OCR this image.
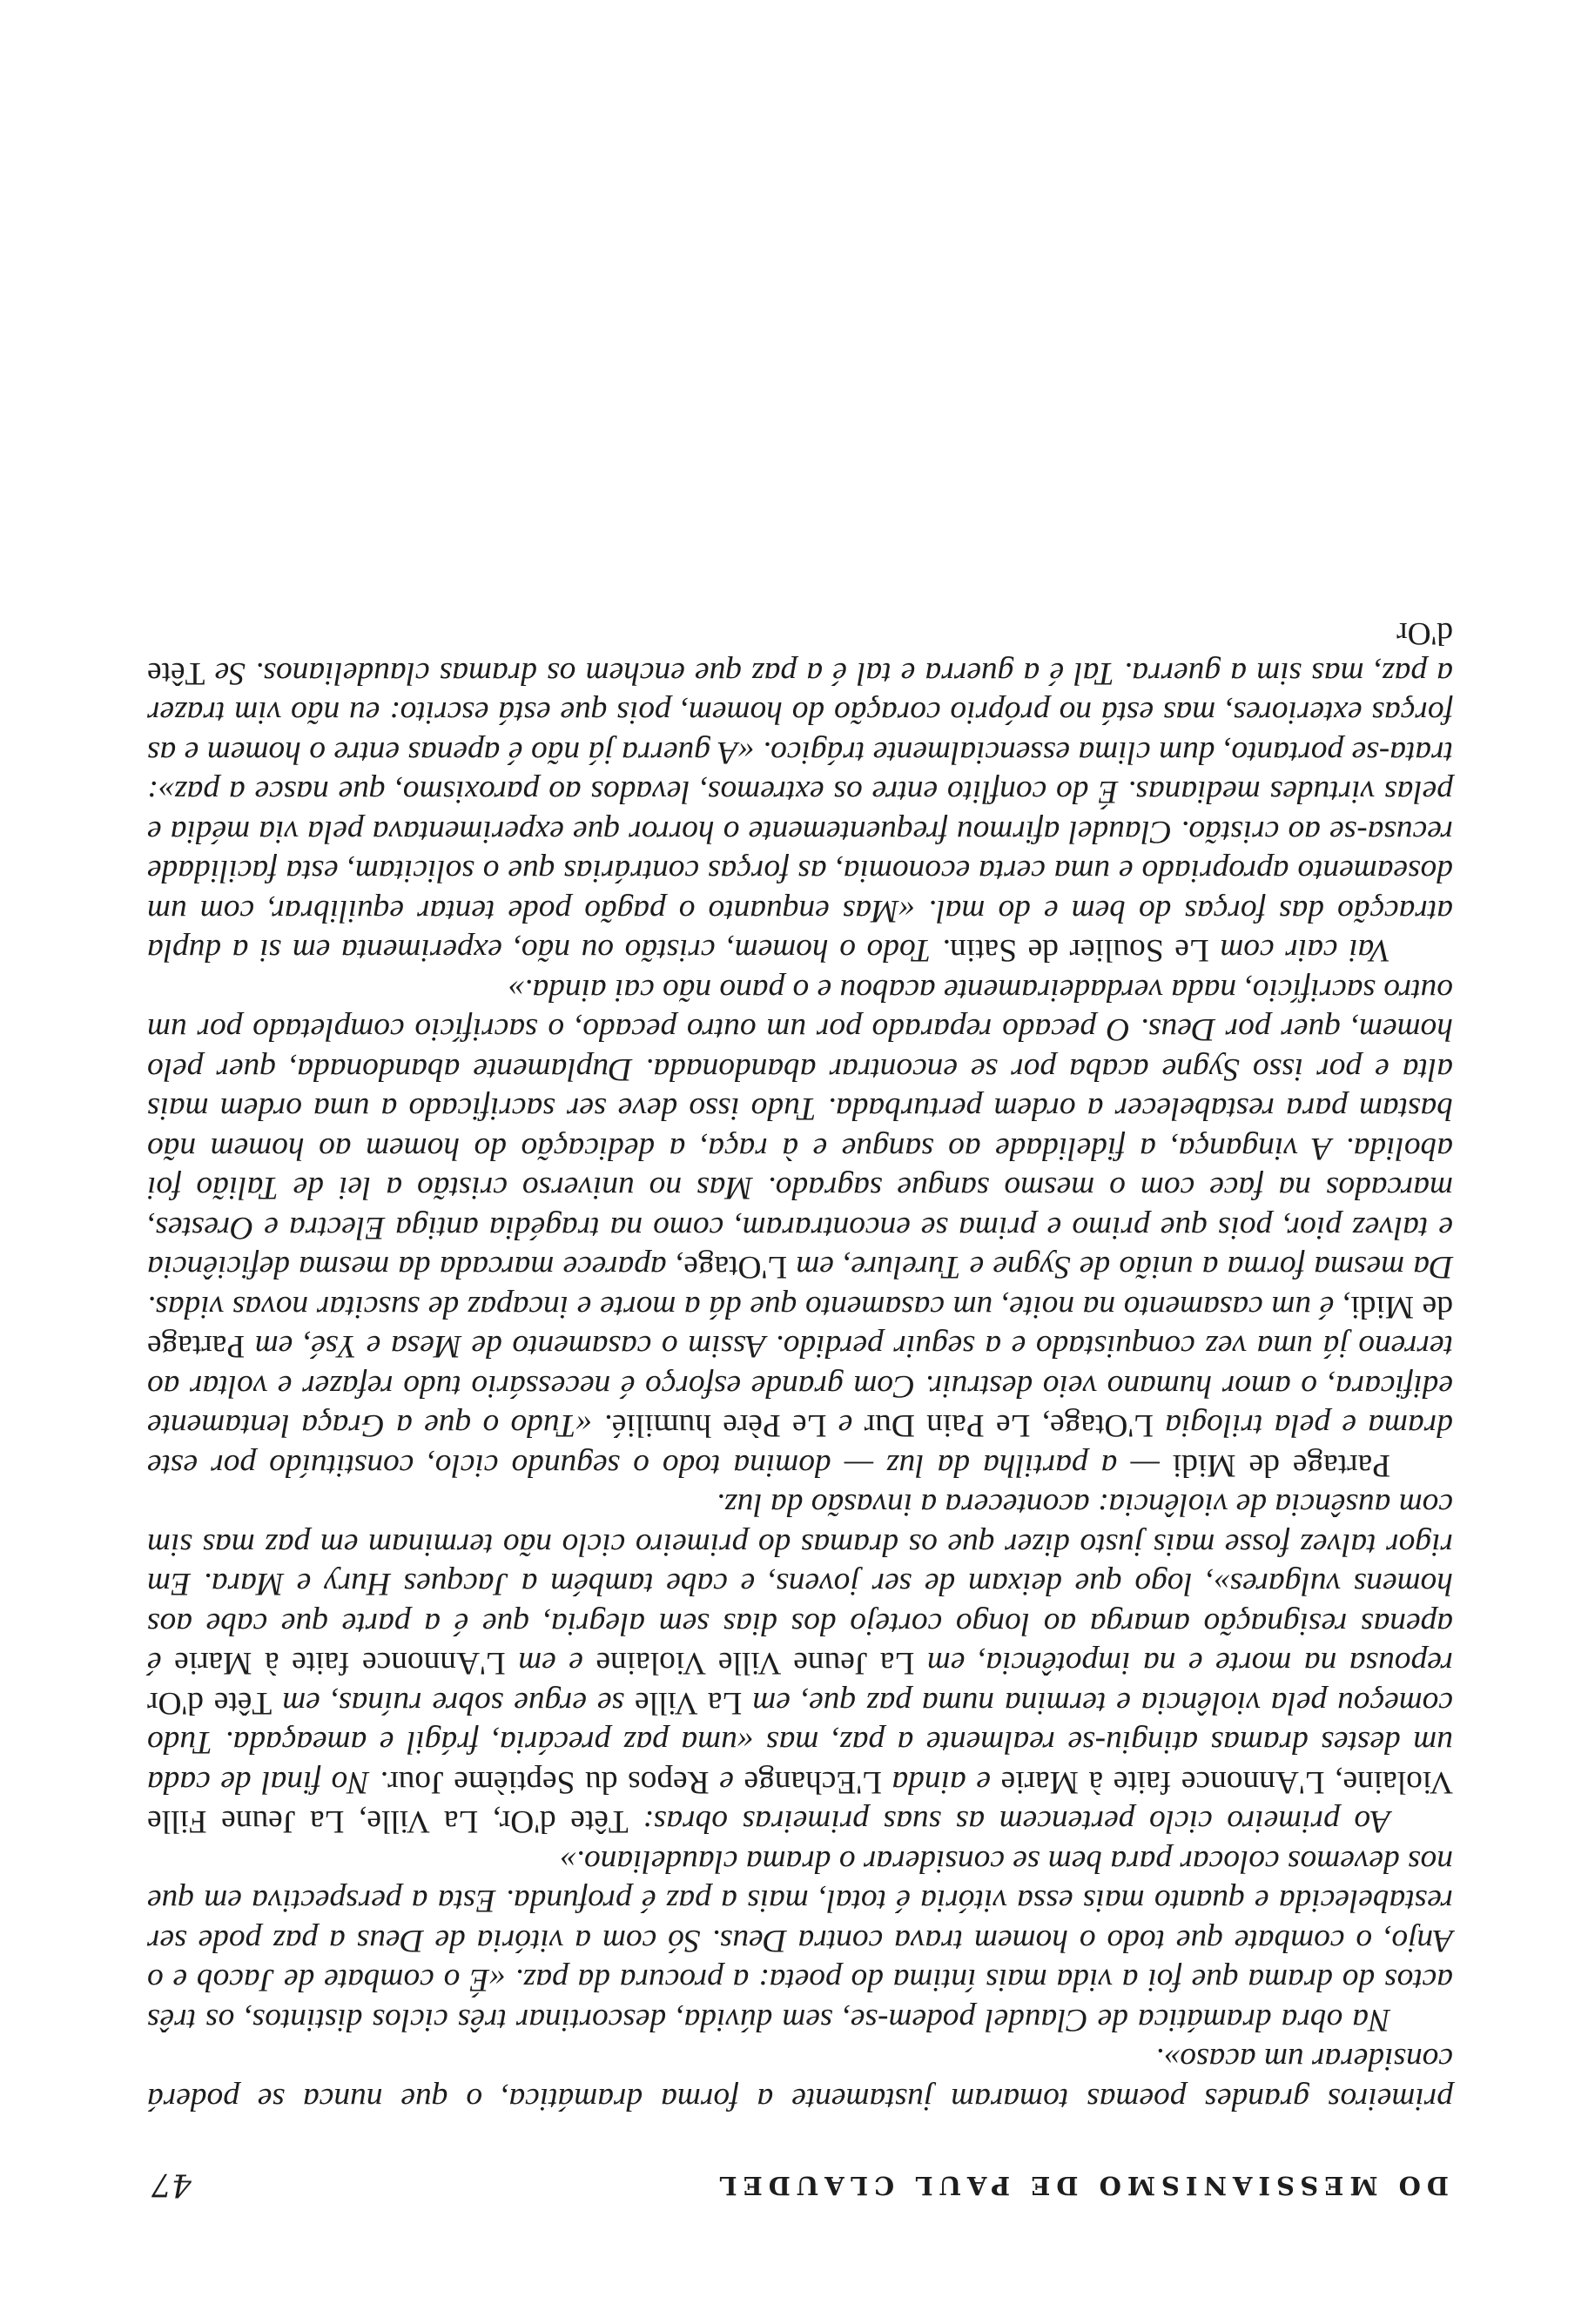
DO MESSIANISMO DE PAUL CLAUDEL
47

primeiros grandes poemas tomaram justamente a forma dramática, o que nunca se poderá considerar um acaso».

Na obra dramática de Claudel podem-se, sem dúvida, descortinar três ciclos distintos, os três actos do drama que foi a vida mais íntima do poeta: a procura da paz. «É o combate de Jacob e o Anjo, o combate que todo o homem trava contra Deus. Só com a vitória de Deus a paz pode ser restabelecida e quanto mais essa vitória é total, mais a paz é profunda. Esta a perspectiva em que nos devemos colocar para bem se considerar o drama claudeliano.»

Ao primeiro ciclo pertencem as suas primeiras obras: Tête d'Or, La Ville, La Jeune Fille Violaine, L'Annonce faite à Marie e ainda L'Echange e Repos du Septième Jour. No final de cada um destes dramas atingiu-se realmente a paz, mas «uma paz precária, frágil e ameaçada. Tudo começou pela violência e termina numa paz que, em La Ville se ergue sobre ruínas, em Tête d'Or repousa na morte e na impotência, em La Jeune Ville Violaine e em L'Annonce faite à Marie é apenas resignação amarga ao longo cortejo dos dias sem alegria, que é a parte que cabe aos homens vulgares», logo que deixam de ser jovens, e cabe também a Jacques Hury e Mara. Em rigor talvez fosse mais justo dizer que os dramas do primeiro ciclo não terminam em paz mas sim com ausência de violência: acontecera a invasão da luz.

Partage de Midi — a partilha da luz — domina todo o segundo ciclo, constituído por este drama e pela trilogia L'Otage, Le Pain Dur e Le Père humilié. «Tudo o que a Graça lentamente edificara, o amor humano veio destruir. Com grande esforço é necessário tudo refazer e voltar ao terreno já uma vez conquistado e a seguir perdido. Assim o casamento de Mesa e Ysé, em Partage de Midi, é um casamento na noite, um casamento que dá a morte e incapaz de suscitar novas vidas. Da mesma forma a união de Sygne e Turelure, em L'Otage, aparece marcada da mesma deficiência e talvez pior, pois que primo e prima se encontraram, como na tragédia antiga Electra e Orestes, marcados na face com o mesmo sangue sagrado. Mas no universo cristão a lei de Talião foi abolida. A vingança, a fidelidade ao sangue e à raça, a dedicação do homem ao homem não bastam para restabelecer a ordem perturbada. Tudo isso deve ser sacrificado a uma ordem mais alta e por isso Sygne acaba por se encontrar abandonada. Duplamente abandonada, quer pelo homem, quer por Deus. O pecado reparado por um outro pecado, o sacrifício completado por um outro sacrifício, nada verdadeiramente acabou e o pano não cai ainda.»

Vai cair com Le Soulier de Satin. Todo o homem, cristão ou não, experimenta em si a dupla atracção das forças do bem e do mal. «Mas enquanto o pagão pode tentar equilibrar, com um doseamento apropriado e uma certa economia, as forças contrárias que o solicitam, esta facilidade recusa-se ao cristão. Claudel afirmou frequentemente o horror que experimentava pela via média e pelas virtudes medianas. É do conflito entre os extremos, levados ao paroxismo, que nasce a paz»: trata-se portanto, dum clima essencialmente trágico. «A guerra já não é apenas entre o homem e as forças exteriores, mas está no próprio coração do homem, pois que está escrito: eu não vim trazer a paz, mas sim a guerra. Tal é a guerra e tal é a paz que enchem os dramas claudelianos. Se Tête d'Or
